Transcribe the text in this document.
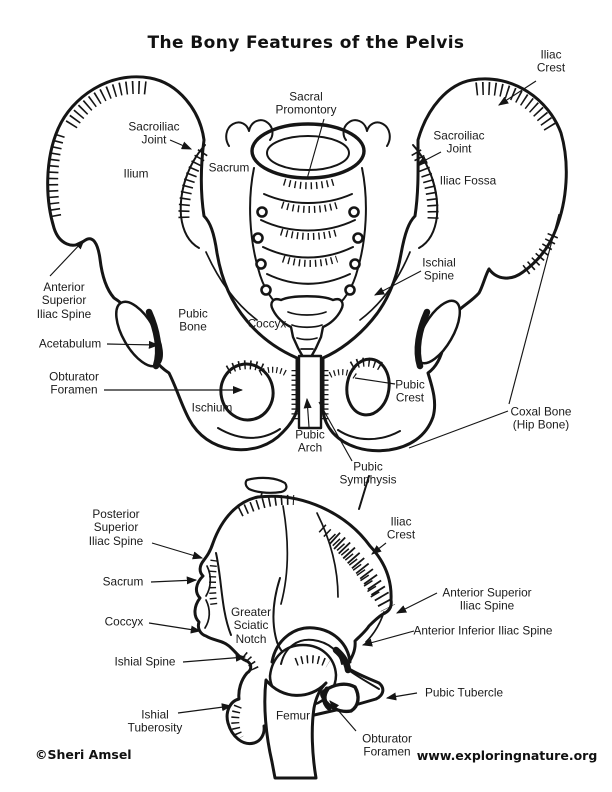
The Bony Features of the Pelvis
©Sheri Amsel	www.exploringnature.org
Sacroiliac
Joint
Ilium	Sacrum
Sacral
Promontory
Iliac
Crest
Sacroiliac
Joint
Iliac Fossa
Anterior
Superior
Iliac Spine
Acetabulum
Obturator
Foramen
Pubic
Bone
Ischium
Coccyx
Ischial
Spine
Pubic
Crest
Pubic
Arch
Pubic
Symphysis
Coxal Bone
(Hip Bone)
Posterior
Superior
Iliac Spine
Sacrum
Coccyx
Ishial Spine
Greater
Sciatic
Notch
Ishial
Tuberosity
Femur
Obturator
Foramen
Pubic Tubercle
Iliac
Crest
Anterior Superior
Iliac Spine
Anterior Inferior Iliac Spine
